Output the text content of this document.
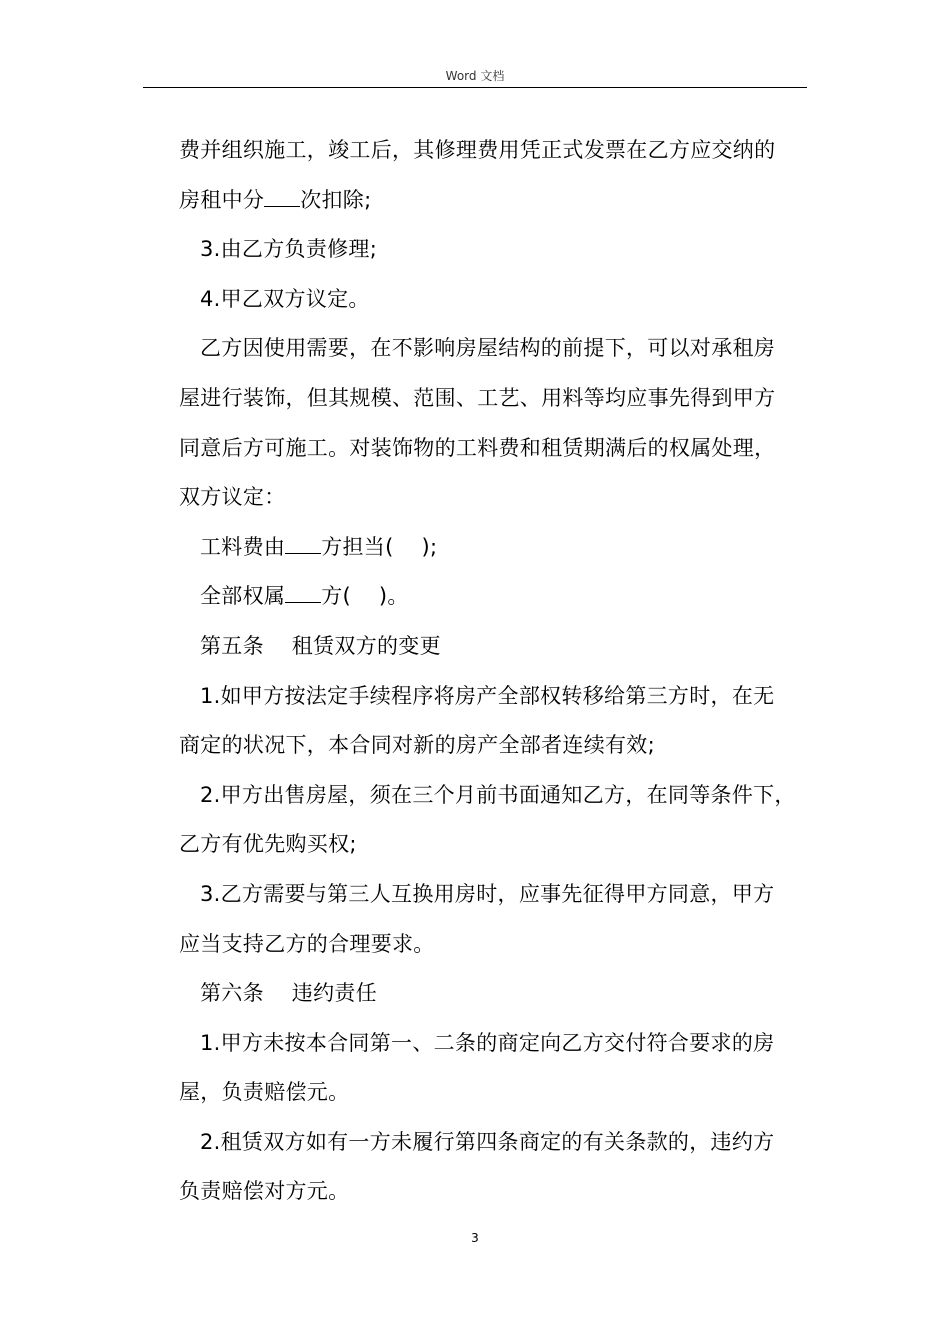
Word 文档
费并组织施工，竣工后，其修理费用凭正式发票在乙方应交纳的
房租中分 次扣除;
3.由乙方负责修理;
4.甲乙双方议定。
乙方因使用需要，在不影响房屋结构的前提下，可以对承租房
屋进行装饰，但其规模、范围、工艺、用料等均应事先得到甲方
同意后方可施工。对装饰物的工料费和租赁期满后的权属处理，
双方议定：
工料费由 方担当(    );
全部权属 方(    )。
第五条    租赁双方的变更
1.如甲方按法定手续程序将房产全部权转移给第三方时，在无
商定的状况下，本合同对新的房产全部者连续有效;
2.甲方出售房屋，须在三个月前书面通知乙方，在同等条件下，
乙方有优先购买权;
3.乙方需要与第三人互换用房时，应事先征得甲方同意，甲方
应当支持乙方的合理要求。
第六条    违约责任
1.甲方未按本合同第一、二条的商定向乙方交付符合要求的房
屋，负责赔偿元。
2.租赁双方如有一方未履行第四条商定的有关条款的，违约方
负责赔偿对方元。
3
